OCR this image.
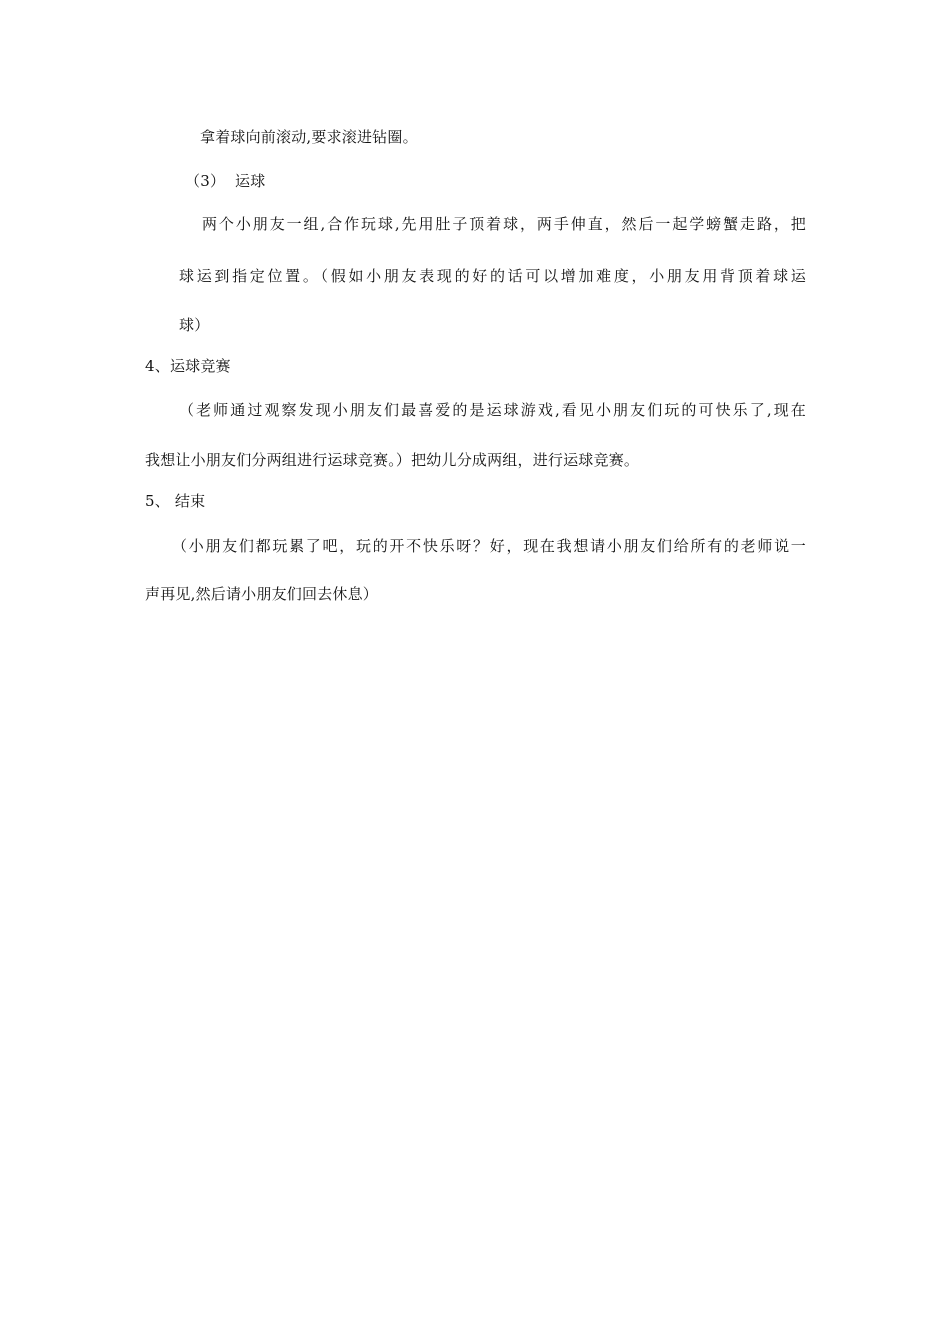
拿着球向前滚动,要求滚进钻圈。
（3） 运球
两个小朋友一组,合作玩球,先用肚子顶着球，两手伸直，然后一起学螃蟹走路，把
球运到指定位置。（假如小朋友表现的好的话可以增加难度，小朋友用背顶着球运
球）
4、运球竞赛
（老师通过观察发现小朋友们最喜爱的是运球游戏,看见小朋友们玩的可快乐了,现在
我想让小朋友们分两组进行运球竞赛。）把幼儿分成两组，进行运球竞赛。
5、 结束
（小朋友们都玩累了吧，玩的开不快乐呀？好，现在我想请小朋友们给所有的老师说一
声再见,然后请小朋友们回去休息）
